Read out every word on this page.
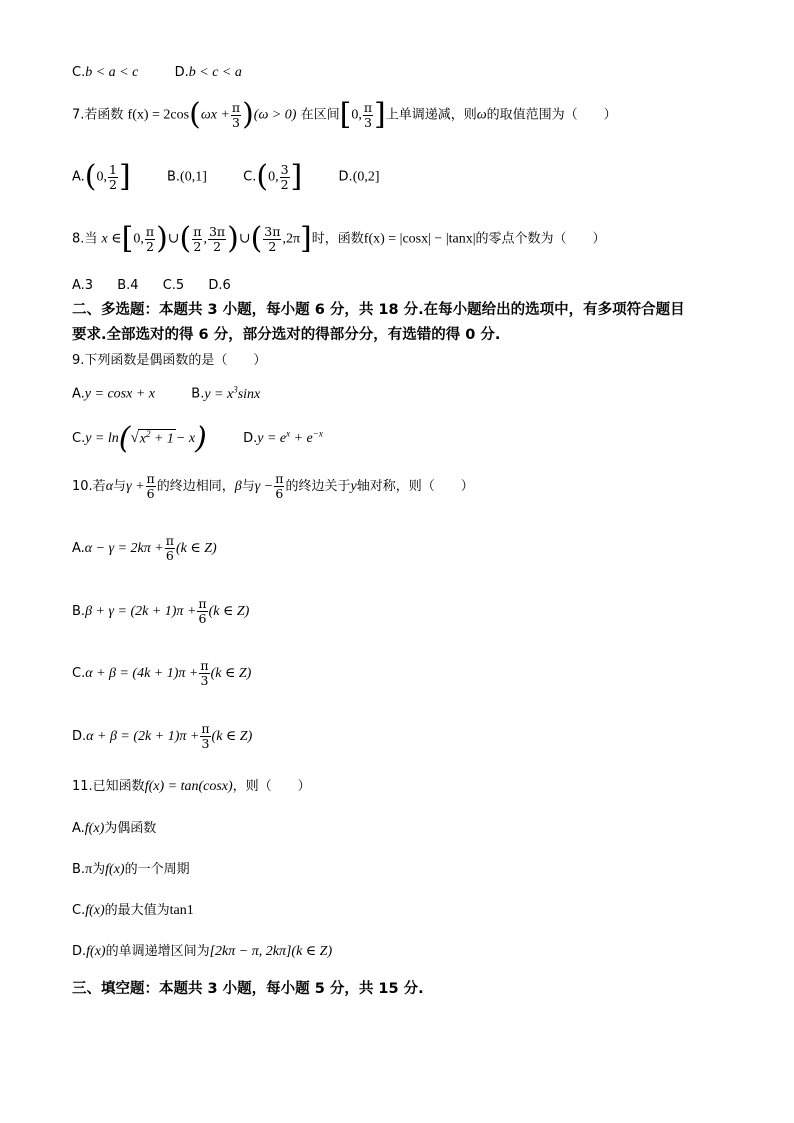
C.b < a < c	D.b < c < a
7.若函数 $f(x) = 2\cos(\omega x + \frac{\pi}{3} )(\omega > 0)$ 在区间[0, $\frac{\pi}{3}$ ]上单调递减，则ω的取值范围为（　　）
A.(0, $\frac{1}{2}$ ]	B.(0,1]	C.(0, $\frac{3}{2}$ ]	D.(0,2]
8.当 x ∈[0, $\frac{\pi}{2}$ )∪( $\frac{\pi}{2}$ , $\frac{3\pi}{2}$ )∪( $\frac{3\pi}{2} ,2\pi$]时，函数f(x) = |cosx| − |tanx|的零点个数为（　　）
A.3 B.4 C.5 D.6
二、多选题：本题共 3 小题，每小题 6 分，共 18 分.在每小题给出的选项中，有多项符合题目
要求.全部选对的得 6 分，部分选对的得部分分，有选错的得 0 分.
9.下列函数是偶函数的是（　　）
A.y = cosx + x	$B.y = x^3\sin x$
$C.y = \ln(√x^2 + 1 - x)$	$D.y = e^x + e^{-x}$
10.若α与$\gamma + \frac{\pi}{6}$ 的终边相同，β与$\gamma - \frac{\pi}{6}$ 的终边关于y轴对称，则（　　）
$A.\alpha - \gamma = 2k\pi + \frac{\pi}{6} (k$ ∈ Z)
$B.\beta + \gamma = (2k + 1)\pi + \frac{\pi}{6} (k$ ∈ Z)
$C.\alpha + \beta = (4k + 1)\pi + \frac{\pi}{3} (k$ ∈ Z)
$D.\alpha + \beta = (2k + 1)\pi + \frac{\pi}{3} (k$ ∈ Z)
11.已知函数f(x) = tan(cosx)，则（　　）
A.f(x)为偶函数
B.π为f(x)的一个周期
C.f(x)的最大值为tan1
D.f(x)的单调递增区间为[2kπ − π, 2kπ](k ∈ Z)
三、填空题：本题共 3 小题，每小题 5 分，共 15 分.
